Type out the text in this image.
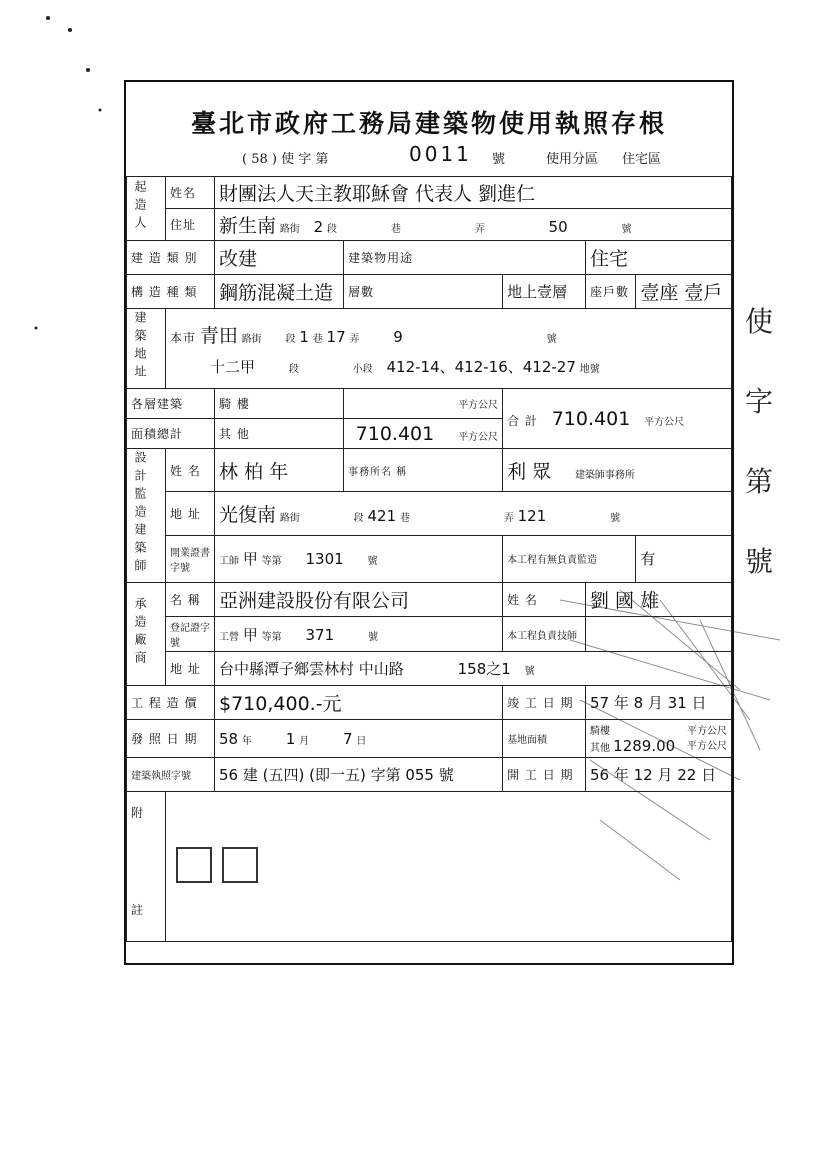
臺北市政府工務局建築物使用執照存根
( 58 ) 使 字 第	0011 號	使用分區 住宅區
起造人	姓名	財團法人天主教耶穌會 代表人 劉進仁				
	住址	新生南 路街 2 段 巷 弄 50 號				
建 造 類 別		改建	建築物用途		住宅	
構 造 種 類		鋼筋混凝土造	層數	地上壹層	座戶數	壹座 壹戶
建築地址	本市 青田 路街 段 1 巷 17 弄 9 號
十二甲 段 小段 412-14、412-16、412-27 地號					

各層建築		騎 樓	平方公尺	合 計 710.401 平方公尺		
面積總計		其 他	710.401 平方公尺			
設計監造建築師	姓 名	林 柏 年	事務所名 稱	利 眾 建築師事務所		
	地 址	光復南 路街 段 421 巷 弄 121 號				
	開業證書字號	工師 甲 等第 1301 號		本工程有無負責監造		有
承造廠商	名 稱	亞洲建設股份有限公司		姓 名	劉 國 雄	
	登記證字號	工營 甲 等第 371 號		本工程負責技師		
	地 址	台中縣潭子鄉雲林村 中山路 158之1 號				
工 程 造 價		$710,400.-元		竣 工 日 期	57 年 8 月 31 日	
發 照 日 期		58 年 1 月 7 日		基地面積	騎樓 平方公尺
其他 1289.00 平方公尺	

建築執照字號		56 建 (五四) (即一五) 字第 055 號		開 工 日 期	56 年 12 月 22 日	

附
註						

使
字
第
號
